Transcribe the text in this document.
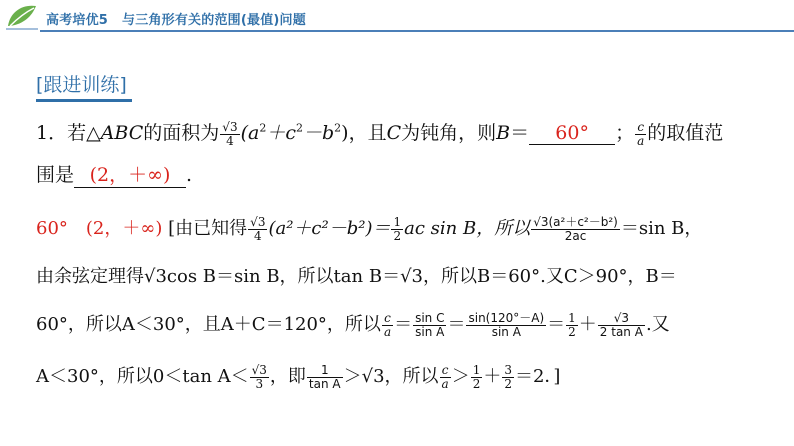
高考培优5 与三角形有关的范围(最值)问题
[跟进训练]
1．若△ABC的面积为 $\frac{√3}{4} (a^2+c^2-b^2)$，且C为钝角，则B＝ 60° ； $\frac{c}{a}$ 的取值范
围是 (2，＋∞) .
60°　(2，＋∞) [由已知得 $\frac{√3}{4} (a^2+c^2-b^2)= \frac{1}{2}$ ac sin B，所以 $\frac{\text{√3(a²＋c²－b²)}}{2ac} =\sin$ B，
由余弦定理得√3cos B＝sin B，所以tan B＝√3，所以B＝60°.又C＞90°，B＝
60°，所以A＜30°，且A＋C＝120°，所以 $\frac{c}{a} = \frac{\text{sin C}}{\text{sin A}} = \frac{\sin(120^\circ-A)}{\text{sin A}} = \frac{1}{2} + \frac{√3}{\text{2 tan A}}$ .又
A＜30°，所以0＜tan $A< \frac{√3}{3}$ ，即 $\frac{1}{\text{tan A}} >√3$，所以 $\frac{c}{a} > \frac{1}{2} + \frac{3}{2} =2$．]
